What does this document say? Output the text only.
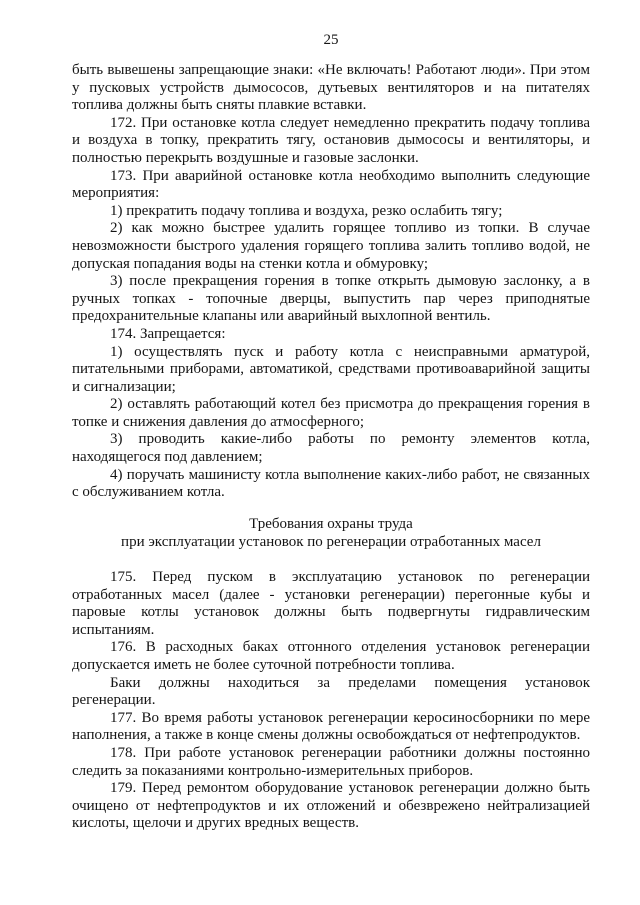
25
быть вывешены запрещающие знаки: «Не включать! Работают люди». При этом
у пусковых устройств дымососов, дутьевых вентиляторов и на питателях
топлива должны быть сняты плавкие вставки.
172. При остановке котла следует немедленно прекратить подачу топлива
и воздуха в топку, прекратить тягу, остановив дымососы и вентиляторы, и
полностью перекрыть воздушные и газовые заслонки.
173. При аварийной остановке котла необходимо выполнить следующие
мероприятия:
1) прекратить подачу топлива и воздуха, резко ослабить тягу;
2) как можно быстрее удалить горящее топливо из топки. В случае
невозможности быстрого удаления горящего топлива залить топливо водой, не
допуская попадания воды на стенки котла и обмуровку;
3) после прекращения горения в топке открыть дымовую заслонку, а в
ручных топках - топочные дверцы, выпустить пар через приподнятые
предохранительные клапаны или аварийный выхлопной вентиль.
174. Запрещается:
1) осуществлять пуск и работу котла с неисправными арматурой,
питательными приборами, автоматикой, средствами противоаварийной защиты
и сигнализации;
2) оставлять работающий котел без присмотра до прекращения горения в
топке и снижения давления до атмосферного;
3) проводить какие-либо работы по ремонту элементов котла,
находящегося под давлением;
4) поручать машинисту котла выполнение каких-либо работ, не связанных
с обслуживанием котла.
Требования охраны труда
при эксплуатации установок по регенерации отработанных масел
175. Перед пуском в эксплуатацию установок по регенерации
отработанных масел (далее - установки регенерации) перегонные кубы и
паровые котлы установок должны быть подвергнуты гидравлическим
испытаниям.
176. В расходных баках отгонного отделения установок регенерации
допускается иметь не более суточной потребности топлива.
Баки должны находиться за пределами помещения установок
регенерации.
177. Во время работы установок регенерации керосиносборники по мере
наполнения, а также в конце смены должны освобождаться от нефтепродуктов.
178. При работе установок регенерации работники должны постоянно
следить за показаниями контрольно-измерительных приборов.
179. Перед ремонтом оборудование установок регенерации должно быть
очищено от нефтепродуктов и их отложений и обезврежено нейтрализацией
кислоты, щелочи и других вредных веществ.
